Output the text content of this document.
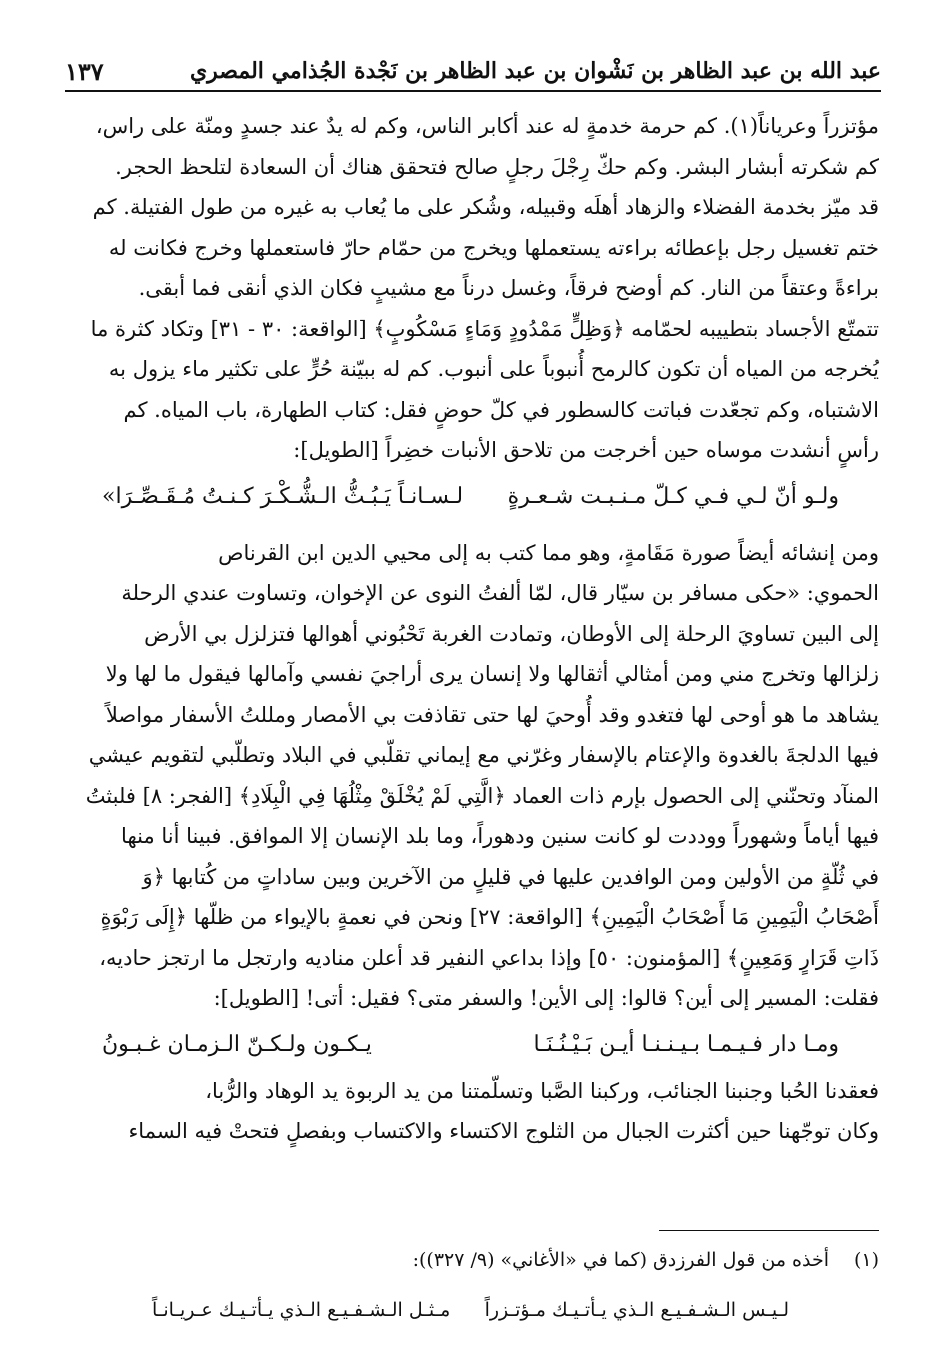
عبد الله بن عبد الظاهر بن نَشْوان بن عبد الظاهر بن نَجْدة الجُذامي المصري
١٣٧
مؤتزراً وعرياناً(١). كم حرمة خدمةٍ له عند أكابر الناس، وكم له يدٌ عند جسدٍ ومنّة على راس،
كم شكرته أبشار البشر. وكم حكّ رِجْلَ رجلٍ صالح فتحقق هناك أن السعادة لتلحظ الحجر.
قد ميّز بخدمة الفضلاء والزهاد أهلَه وقبيله، وشُكر على ما يُعاب به غيره من طول الفتيلة. كم
ختم تغسيل رجل بإعطائه براءته يستعملها ويخرج من حمّام حارّ فاستعملها وخرج فكانت له
براءةً وعتقاً من النار. كم أوضح فرقاً، وغسل درناً مع مشيبٍ فكان الذي أنقى فما أبقى.
تتمتّع الأجساد بتطييبه لحمّامه ﴿وَظِلٍّ مَمْدُودٍ وَمَاءٍ مَسْكُوبٍ﴾ [الواقعة: ٣٠ - ٣١] وتكاد كثرة ما
يُخرجه من المياه أن تكون كالرمح أُنبوباً على أنبوب. كم له ببيّنة حُرٍّ على تكثير ماء يزول به
الاشتباه، وكم تجعّدت فباتت كالسطور في كلّ حوضٍ فقل: كتاب الطهارة، باب المياه. كم
رأسٍ أنشدت موساه حين أخرجت من تلاحق الأنبات خضِراً [الطويل]:
ولـو أنّ لـي فـي كـلّ مـنـبـت شـعـرةٍ
لـسـانـاً يَـبُـثُّ الـشُّـكْـرَ كـنـتُ مُـقَـصِّـرَا»
ومن إنشائه أيضاً صورة مَقَامةٍ، وهو مما كتب به إلى محيي الدين ابن القرناص
الحموي: «حكى مسافر بن سيّار قال، لمّا ألفتُ النوى عن الإخوان، وتساوت عندي الرحلة
إلى البين تساويَ الرحلة إلى الأوطان، وتمادت الغربة تَحْبُوني أهوالها فتزلزل بي الأرض
زلزالها وتخرج مني ومن أمثالي أثقالها ولا إنسان يرى أراجيَ نفسي وآمالها فيقول ما لها ولا
يشاهد ما هو أوحى لها فتغدو وقد أُوحيَ لها حتى تقاذفت بي الأمصار ومللتُ الأسفار مواصلاً
فيها الدلجةَ بالغدوة والإعتام بالإسفار وغرّني مع إيماني تقلّبي في البلاد وتطلّبي لتقويم عيشي
المنآد وتحنّني إلى الحصول بإرم ذات العماد ﴿الَّتِي لَمْ يُخْلَقْ مِثْلُهَا فِي الْبِلَادِ﴾ [الفجر: ٨] فلبثتُ
فيها أياماً وشهوراً ووددت لو كانت سنين ودهوراً، وما بلد الإنسان إلا الموافق. فبينا أنا منها
في ثُلّةٍ من الأولين ومن الوافدين عليها في قليلٍ من الآخرين وبين ساداتٍ من كُتابها ﴿وَ
أَصْحَابُ الْيَمِينِ مَا أَصْحَابُ الْيَمِينِ﴾ [الواقعة: ٢٧] ونحن في نعمةٍ بالإيواء من ظلّها ﴿إِلَى رَبْوَةٍ
ذَاتِ قَرَارٍ وَمَعِينٍ﴾ [المؤمنون: ٥٠] وإذا بداعي النفير قد أعلن مناديه وارتجل ما ارتجز حاديه،
فقلت: المسير إلى أين؟ قالوا: إلى الأين! والسفر متى؟ فقيل: أتى! [الطويل]:
ومـا دار فـيـمـا بـيـنـنـا أيـن بَـيْـنُـنَـا
يـكـون ولـكـنّ الـزمـان غـبـونُ
فعقدنا الحُبا وجنبنا الجنائب، وركبنا الصَّبا وتسلّمتنا من يد الربوة يد الوهاد والرُّبا،
وكان توجّهنا حين أكثرت الجبال من الثلوج الاكتساء والاكتساب وبفصلٍ فتحتْ فيه السماء
(١)
أخذه من قول الفرزدق (كما في «الأغاني» (٩/ ٣٢٧)):
لـيـس الـشـفـيـع الـذي يـأتـيـك مـؤتـزراً
مـثـل الـشـفـيـع الـذي يـأتـيـك عـريـانـاً
